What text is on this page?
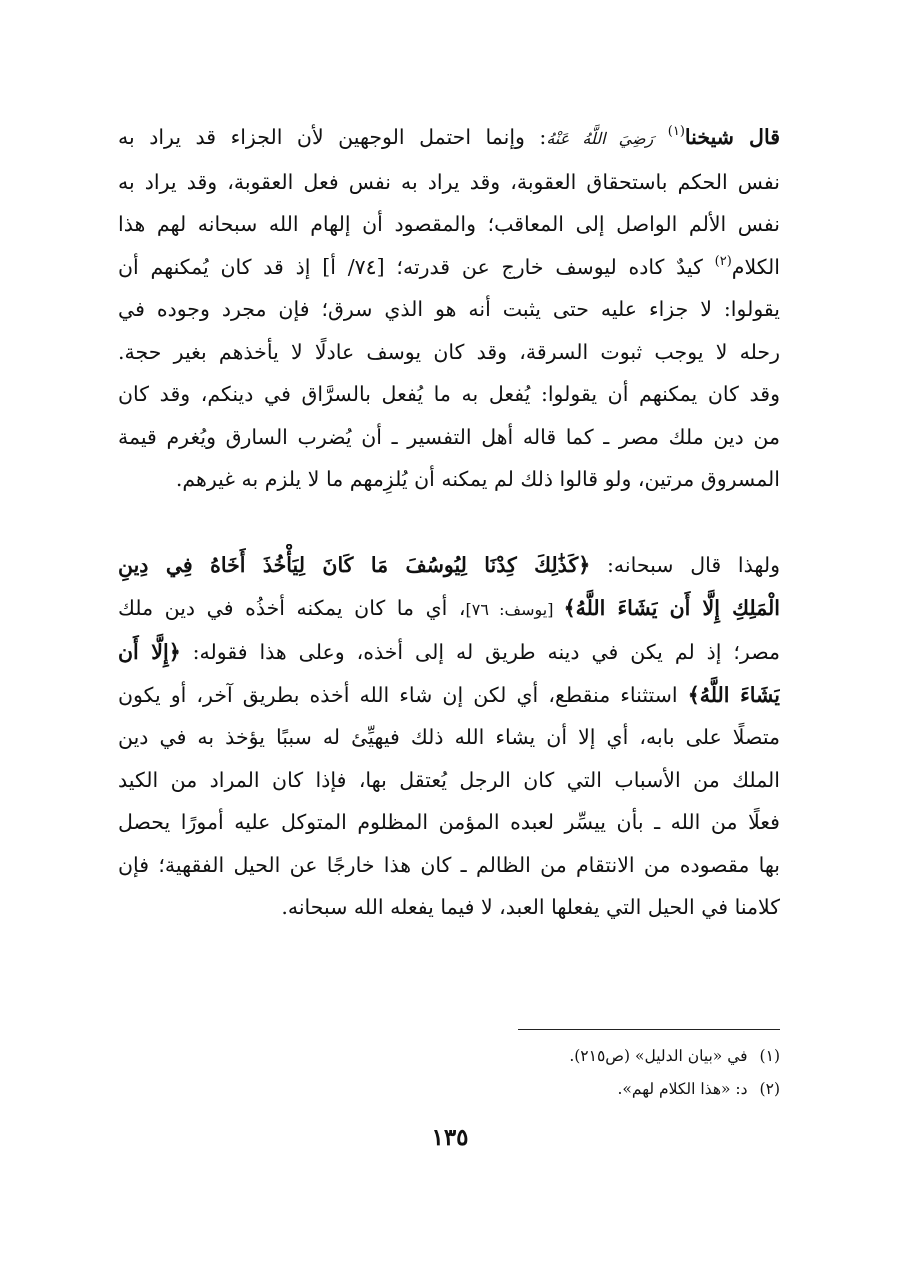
قال شيخنا$^{(١)}$ رَضِيَ اللَّهُ عَنْهُ: وإنما احتمل الوجهين لأن الجزاء قد يراد به
نفس الحكم باستحقاق العقوبة، وقد يراد به نفس فعل العقوبة، وقد يراد به
نفس الألم الواصل إلى المعاقب؛ والمقصود أن إلهام الله سبحانه لهم هذا
الكلام$^{(٢)}$ كيدٌ كاده ليوسف خارج عن قدرته؛ [٧٤/ أ] إذ قد كان يُمكنهم أن
يقولوا: لا جزاء عليه حتى يثبت أنه هو الذي سرق؛ فإن مجرد وجوده في
رحله لا يوجب ثبوت السرقة، وقد كان يوسف عادلًا لا يأخذهم بغير حجة.
وقد كان يمكنهم أن يقولوا: يُفعل به ما يُفعل بالسرَّاق في دينكم، وقد كان
من دين ملك مصر ـ كما قاله أهل التفسير ـ أن يُضرب السارق ويُغرم قيمة
المسروق مرتين، ولو قالوا ذلك لم يمكنه أن يُلزِمهم ما لا يلزم به غيرهم.
ولهذا قال سبحانه: ﴿كَذَٰلِكَ كِدْنَا لِيُوسُفَ مَا كَانَ لِيَأْخُذَ أَخَاهُ فِي دِينِ
الْمَلِكِ إِلَّا أَن يَشَاءَ اللَّهُ﴾ [يوسف: ٧٦]، أي ما كان يمكنه أخذُه في دين ملك
مصر؛ إذ لم يكن في دينه طريق له إلى أخذه، وعلى هذا فقوله: ﴿إِلَّا أَن
يَشَاءَ اللَّهُ﴾ استثناء منقطع، أي لكن إن شاء الله أخذه بطريق آخر، أو يكون
متصلًا على بابه، أي إلا أن يشاء الله ذلك فيهيِّئ له سببًا يؤخذ به في دين
الملك من الأسباب التي كان الرجل يُعتقل بها، فإذا كان المراد من الكيد
فعلًا من الله ـ بأن ييسِّر لعبده المؤمن المظلوم المتوكل عليه أمورًا يحصل
بها مقصوده من الانتقام من الظالم ـ كان هذا خارجًا عن الحيل الفقهية؛ فإن
كلامنا في الحيل التي يفعلها العبد، لا فيما يفعله الله سبحانه.
(١)في «بيان الدليل» (ص٢١٥).
(٢)د: «هذا الكلام لهم».
١٣٥
